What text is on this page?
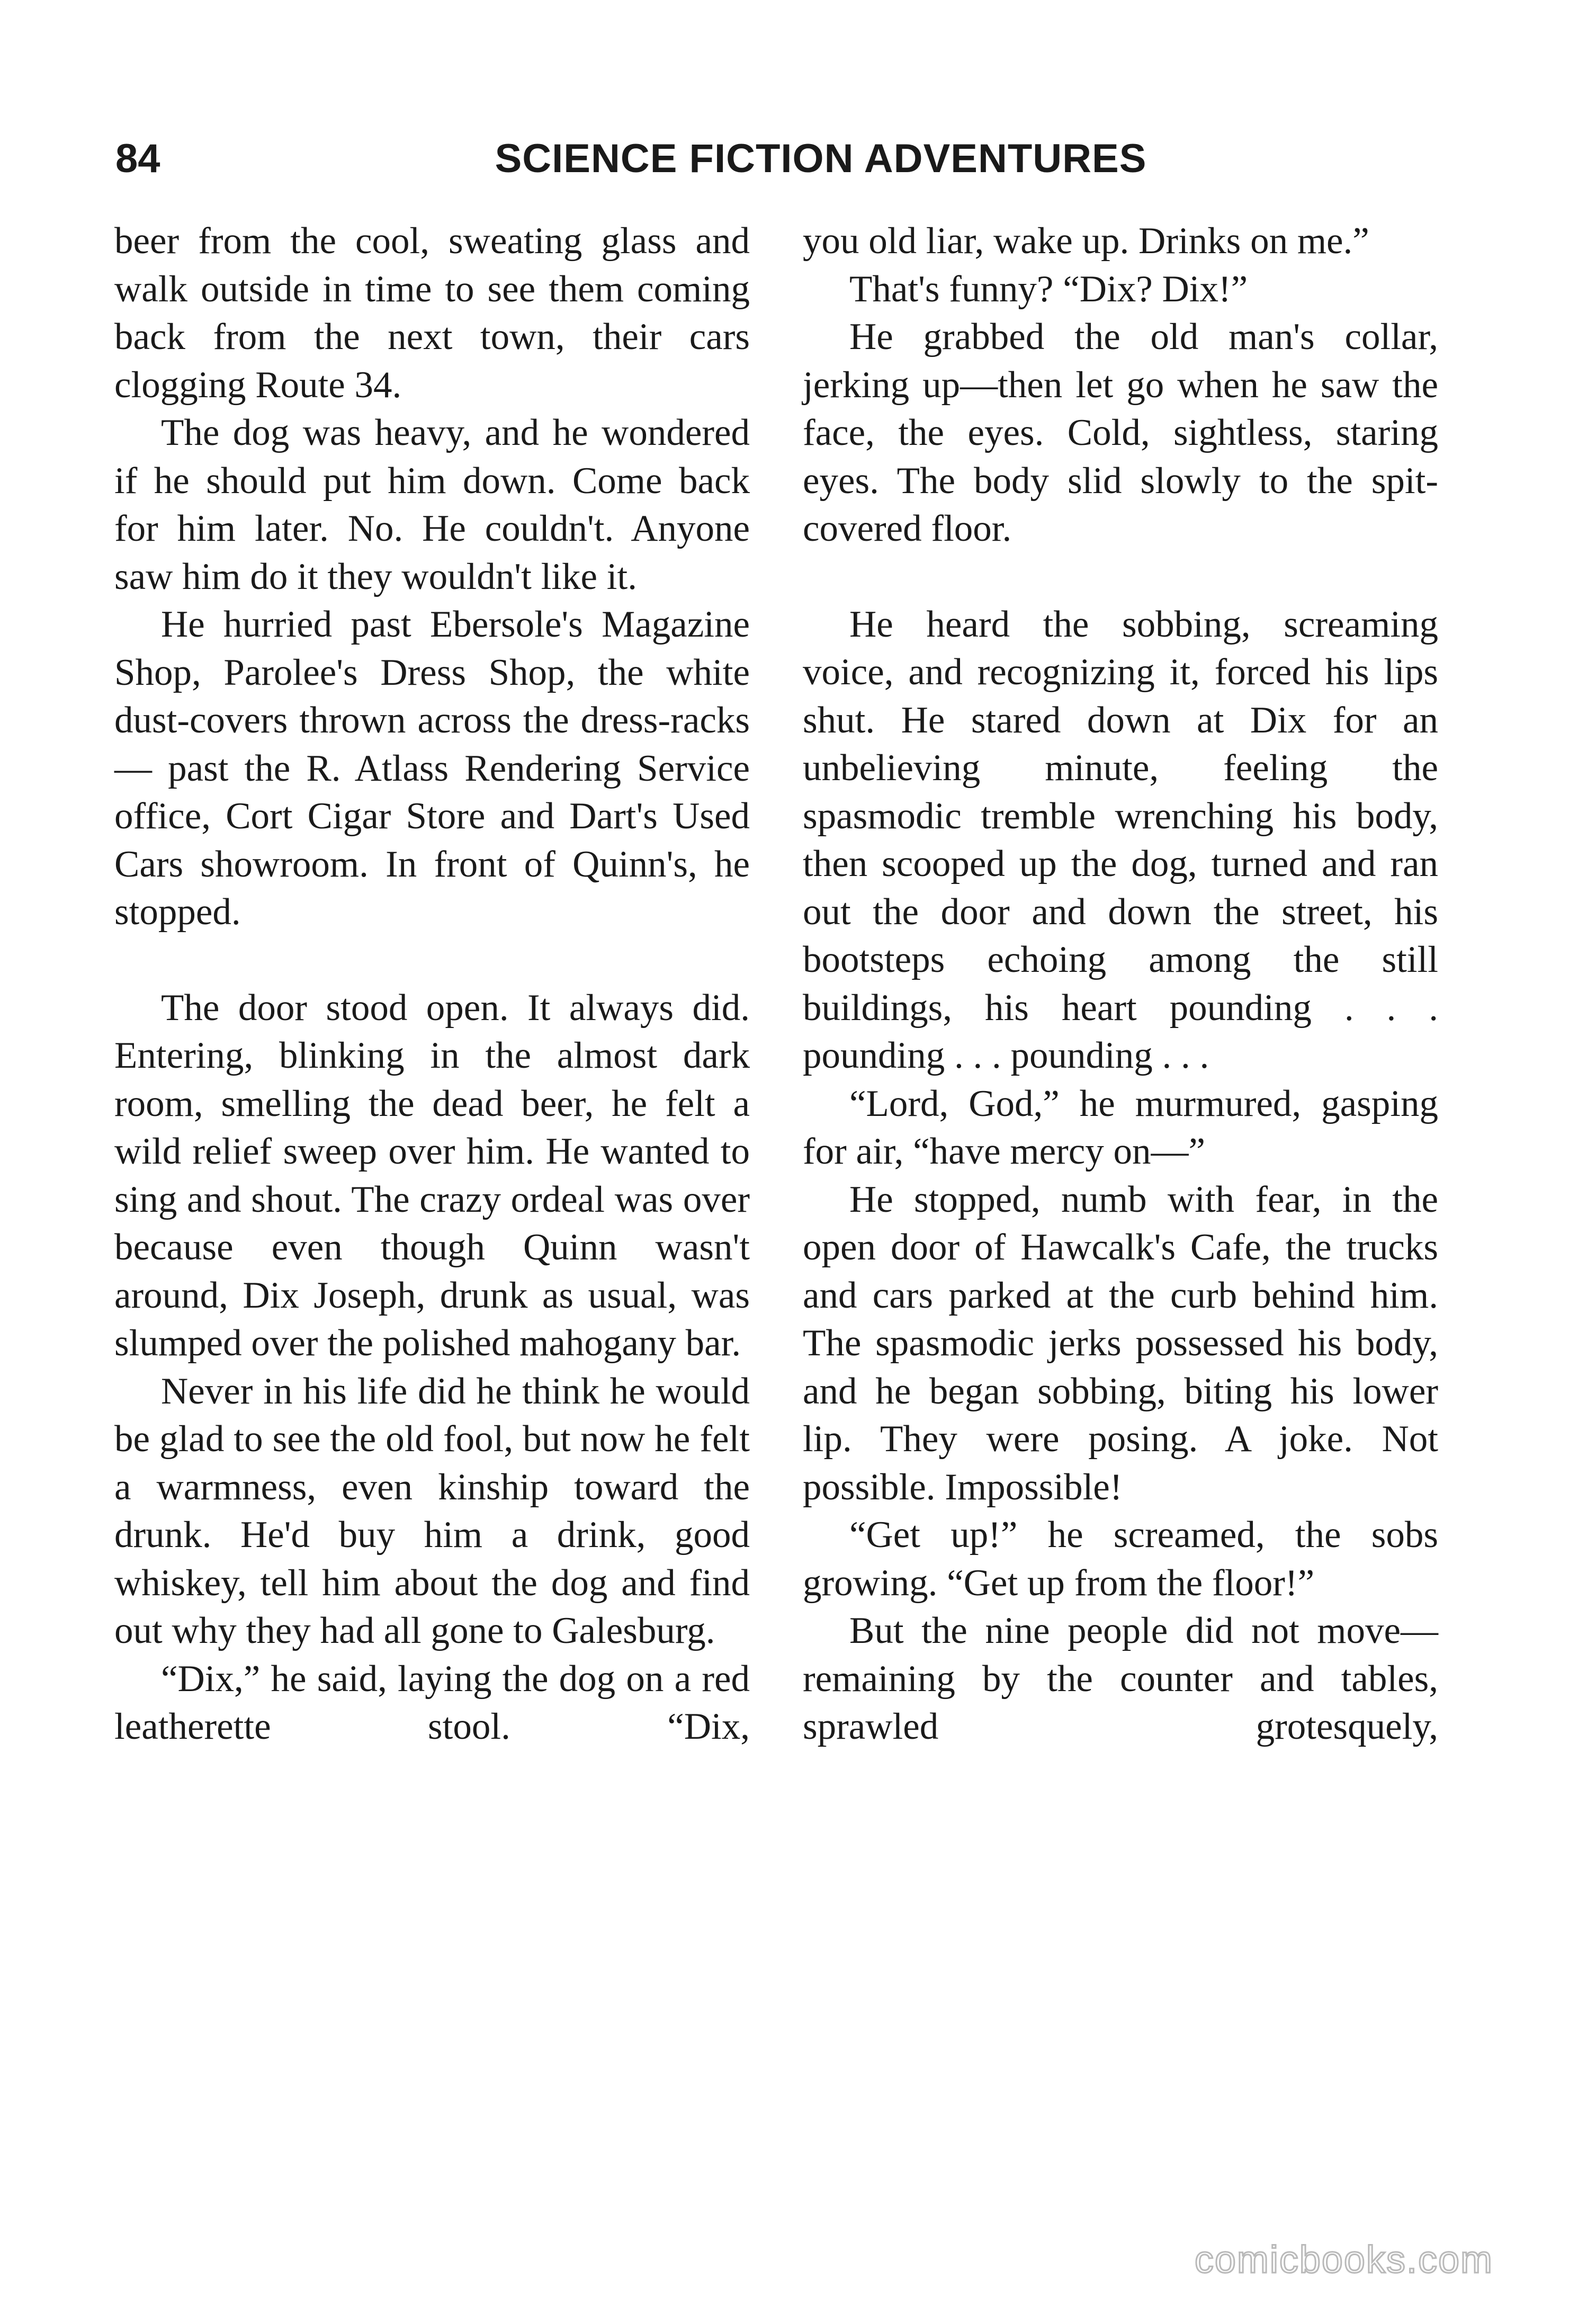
84	SCIENCE FICTION ADVENTURES

beer from the cool, sweating glass and walk outside in time to see them coming back from the next town, their cars clogging Route 34.

The dog was heavy, and he wondered if he should put him down. Come back for him later. No. He couldn't. Anyone saw him do it they wouldn't like it.

He hurried past Ebersole's Magazine Shop, Parolee's Dress Shop, the white dust-covers thrown across the dress-racks— past the R. Atlass Rendering Service office, Cort Cigar Store and Dart's Used Cars showroom. In front of Quinn's, he stopped.

The door stood open. It always did. Entering, blinking in the almost dark room, smelling the dead beer, he felt a wild relief sweep over him. He wanted to sing and shout. The crazy ordeal was over because even though Quinn wasn't around, Dix Joseph, drunk as usual, was slumped over the polished mahogany bar.

Never in his life did he think he would be glad to see the old fool, but now he felt a warmness, even kinship toward the drunk. He'd buy him a drink, good whiskey, tell him about the dog and find out why they had all gone to Galesburg.

“Dix,” he said, laying the dog on a red leatherette stool. “Dix,

you old liar, wake up. Drinks on me.”

That's funny? “Dix? Dix!”

He grabbed the old man's collar, jerking up—then let go when he saw the face, the eyes. Cold, sightless, staring eyes. The body slid slowly to the spit-covered floor.

He heard the sobbing, screaming voice, and recognizing it, forced his lips shut. He stared down at Dix for an unbelieving minute, feeling the spasmodic tremble wrenching his body, then scooped up the dog, turned and ran out the door and down the street, his bootsteps echoing among the still buildings, his heart pounding . . . pounding . . . pounding . . .

“Lord, God,” he murmured, gasping for air, “have mercy on—”

He stopped, numb with fear, in the open door of Hawcalk's Cafe, the trucks and cars parked at the curb behind him. The spasmodic jerks possessed his body, and he began sobbing, biting his lower lip. They were posing. A joke. Not possible. Impossible!

“Get up!” he screamed, the sobs growing. “Get up from the floor!”

But the nine people did not move—remaining by the counter and tables, sprawled grotesquely,

comicbooks.com
